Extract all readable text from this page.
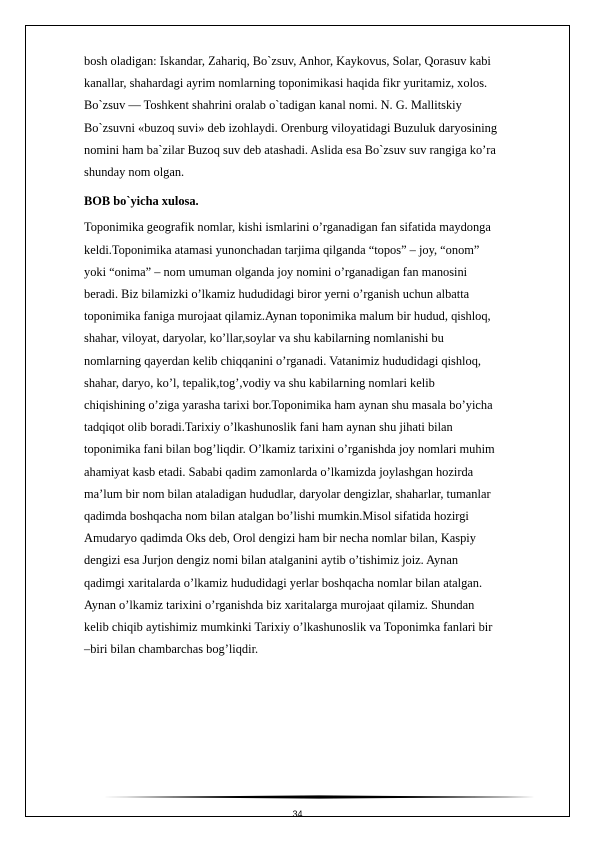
bosh oladigan: Iskandar, Zahariq, Bo`zsuv, Anhor, Kaykovus, Solar, Qorasuv kabi
kanallar, shahardagi ayrim nomlarning toponimikasi haqida fikr yuritamiz, xolos.
Bo`zsuv — Toshkent shahrini oralab o`tadigan kanal nomi. N. G. Mallitskiy
Bo`zsuvni «buzoq suvi» deb izohlaydi. Orenburg viloyatidagi Buzuluk daryosining
nomini ham ba`zilar Buzoq suv deb atashadi. Aslida esa Bo`zsuv suv rangiga ko’ra
shunday nom olgan.
BOB bo`yicha xulosa.
Toponimika geografik nomlar, kishi ismlarini o’rganadigan fan sifatida maydonga
keldi.Toponimika atamasi yunonchadan tarjima qilganda “topos” – joy, “onom”
yoki “onima” – nom umuman olganda joy nomini o’rganadigan fan manosini
beradi. Biz bilamizki o’lkamiz hududidagi biror yerni o’rganish uchun albatta
toponimika faniga murojaat qilamiz.Aynan toponimika malum bir hudud, qishloq,
shahar, viloyat, daryolar, ko’llar,soylar va shu kabilarning nomlanishi bu
nomlarning qayerdan kelib chiqqanini o’rganadi. Vatanimiz hududidagi qishloq,
shahar, daryo, ko’l, tepalik,tog’,vodiy va shu kabilarning nomlari kelib
chiqishining o’ziga yarasha tarixi bor.Toponimika ham aynan shu masala bo’yicha
tadqiqot olib boradi.Tarixiy o’lkashunoslik fani ham aynan shu jihati bilan
toponimika fani bilan bog’liqdir. O’lkamiz tarixini o’rganishda joy nomlari muhim
ahamiyat kasb etadi. Sababi qadim zamonlarda o’lkamizda joylashgan hozirda
ma’lum bir nom bilan ataladigan hududlar, daryolar dengizlar, shaharlar, tumanlar
qadimda boshqacha nom bilan atalgan bo’lishi mumkin.Misol sifatida hozirgi
Amudaryo qadimda Oks deb, Orol dengizi ham bir necha nomlar bilan, Kaspiy
dengizi esa Jurjon dengiz nomi bilan atalganini aytib o’tishimiz joiz. Aynan
qadimgi xaritalarda o’lkamiz hududidagi yerlar boshqacha nomlar bilan atalgan.
Aynan o’lkamiz tarixini o’rganishda biz xaritalarga murojaat qilamiz. Shundan
kelib chiqib aytishimiz mumkinki Tarixiy o’lkashunoslik va Toponimka fanlari bir
–biri bilan chambarchas bog’liqdir.
34
